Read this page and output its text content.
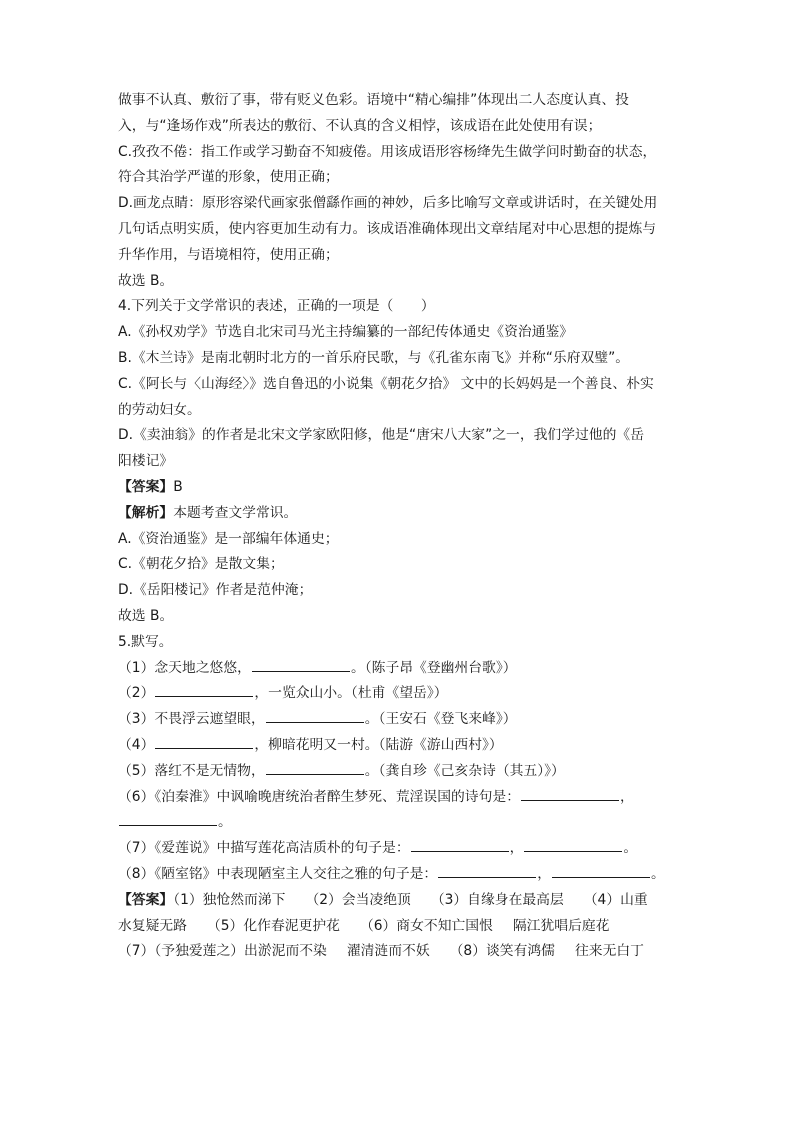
做事不认真、敷衍了事，带有贬义色彩。语境中“精心编排”体现出二人态度认真、投
入，与“逢场作戏”所表达的敷衍、不认真的含义相悖，该成语在此处使用有误；
C.孜孜不倦：指工作或学习勤奋不知疲倦。用该成语形容杨绛先生做学问时勤奋的状态，
符合其治学严谨的形象，使用正确；
D.画龙点睛：原形容梁代画家张僧繇作画的神妙，后多比喻写文章或讲话时，在关键处用
几句话点明实质，使内容更加生动有力。该成语准确体现出文章结尾对中心思想的提炼与
升华作用，与语境相符，使用正确；
故选 B。
4.下列关于文学常识的表述，正确的一项是（　　）
A.《孙权劝学》节选自北宋司马光主持编纂的一部纪传体通史《资治通鉴》
B.《木兰诗》是南北朝时北方的一首乐府民歌，与《孔雀东南飞》并称“乐府双璧”。
C.《阿长与〈山海经〉》选自鲁迅的小说集《朝花夕拾》 文中的长妈妈是一个善良、朴实
的劳动妇女。
D.《卖油翁》的作者是北宋文学家欧阳修，他是“唐宋八大家”之一，我们学过他的《岳
阳楼记》
【答案】B
【解析】本题考查文学常识。
A.《资治通鉴》是一部编年体通史；
C.《朝花夕拾》是散文集；
D.《岳阳楼记》作者是范仲淹；
故选 B。
5.默写。
（1）念天地之悠悠，	。（陈子昂《登幽州台歌》）
（2）	，一览众山小。（杜甫《望岳》）
（3）不畏浮云遮望眼，	。（王安石《登飞来峰》）
（4）	，柳暗花明又一村。（陆游《游山西村》）
（5）落红不是无情物，	。（龚自珍《己亥杂诗（其五）》）
（6）《泊秦淮》中讽喻晚唐统治者醉生梦死、荒淫误国的诗句是：	，
。
（7）《爱莲说》中描写莲花高洁质朴的句子是：	，	。
（8）《陋室铭》中表现陋室主人交往之雅的句子是：	，	。
【答案】（1）独怆然而涕下 （2）会当凌绝顶 （3）自缘身在最高层 （4）山重
水复疑无路 （5）化作春泥更护花 （6）商女不知亡国恨 隔江犹唱后庭花
（7）（予独爱莲之）出淤泥而不染 濯清涟而不妖 （8）谈笑有鸿儒 往来无白丁
